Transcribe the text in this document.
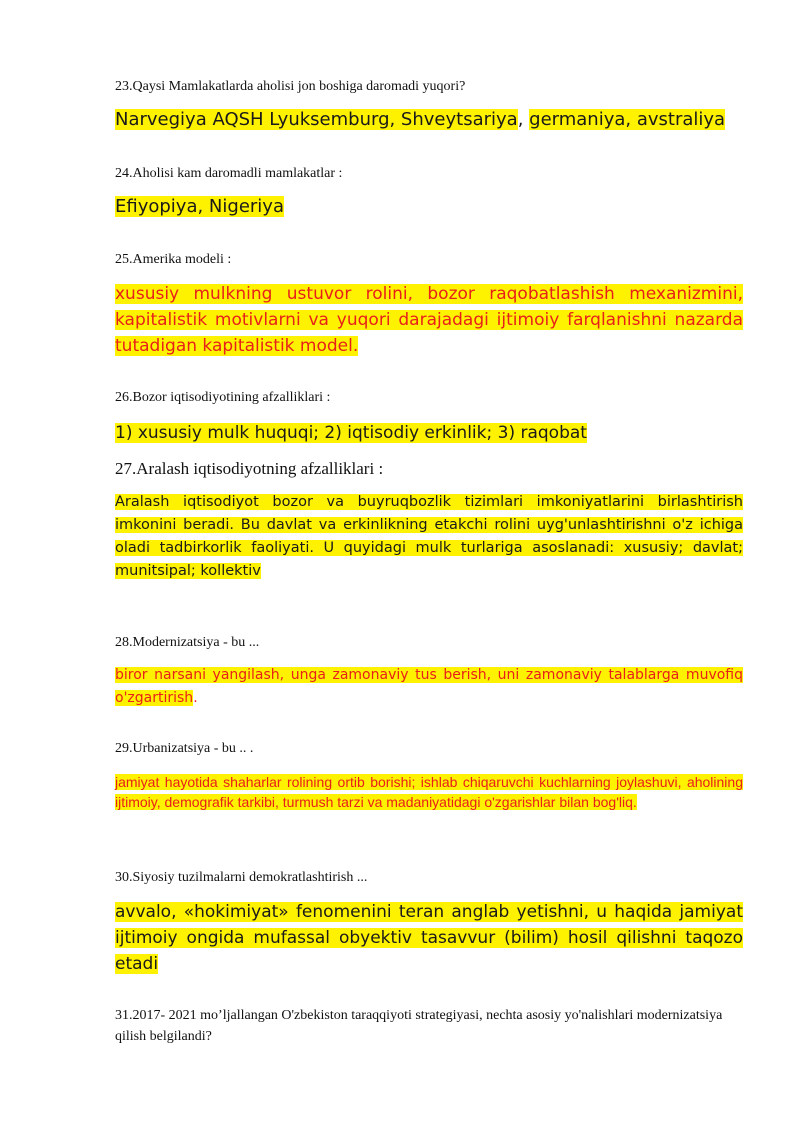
23.Qaysi Mamlakatlarda aholisi jon boshiga daromadi yuqori?

Narvegiya AQSH Lyuksemburg, Shveytsariya, germaniya, avstraliya

24.Aholisi kam daromadli mamlakatlar :

Efiyopiya, Nigeriya

25.Amerika modeli :

xususiy mulkning ustuvor rolini, bozor raqobatlashish mexanizmini, kapitalistik motivlarni va yuqori darajadagi ijtimoiy farqlanishni nazarda tutadigan kapitalistik model.

26.Bozor iqtisodiyotining afzalliklari :

1) xususiy mulk huquqi; 2) iqtisodiy erkinlik; 3) raqobat

27.Aralash iqtisodiyotning afzalliklari :

Aralash iqtisodiyot bozor va buyruqbozlik tizimlari imkoniyatlarini birlashtirish imkonini beradi. Bu davlat va erkinlikning etakchi rolini uyg'unlashtirishni o'z ichiga oladi tadbirkorlik faoliyati. U quyidagi mulk turlariga asoslanadi: xususiy; davlat; munitsipal; kollektiv

28.Modernizatsiya - bu ...

biror narsani yangilash, unga zamonaviy tus berish, uni zamonaviy talablarga muvofiq o'zgartirish.

29.Urbanizatsiya - bu .. .

jamiyat hayotida shaharlar rolining ortib borishi; ishlab chiqaruvchi kuchlarning joylashuvi, aholining ijtimoiy, demografik tarkibi, turmush tarzi va madaniyatidagi o'zgarishlar bilan bog'liq.

30.Siyosiy tuzilmalarni demokratlashtirish ...

avvalo, «hokimiyat» fenomenini teran anglab yetishni, u haqida jamiyat ijtimoiy ongida mufassal obyektiv tasavvur (bilim) hosil qilishni taqozo etadi

31.2017- 2021 mo’ljallangan O'zbekiston taraqqiyoti strategiyasi, nechta asosiy yo'nalishlari modernizatsiya qilish belgilandi?
